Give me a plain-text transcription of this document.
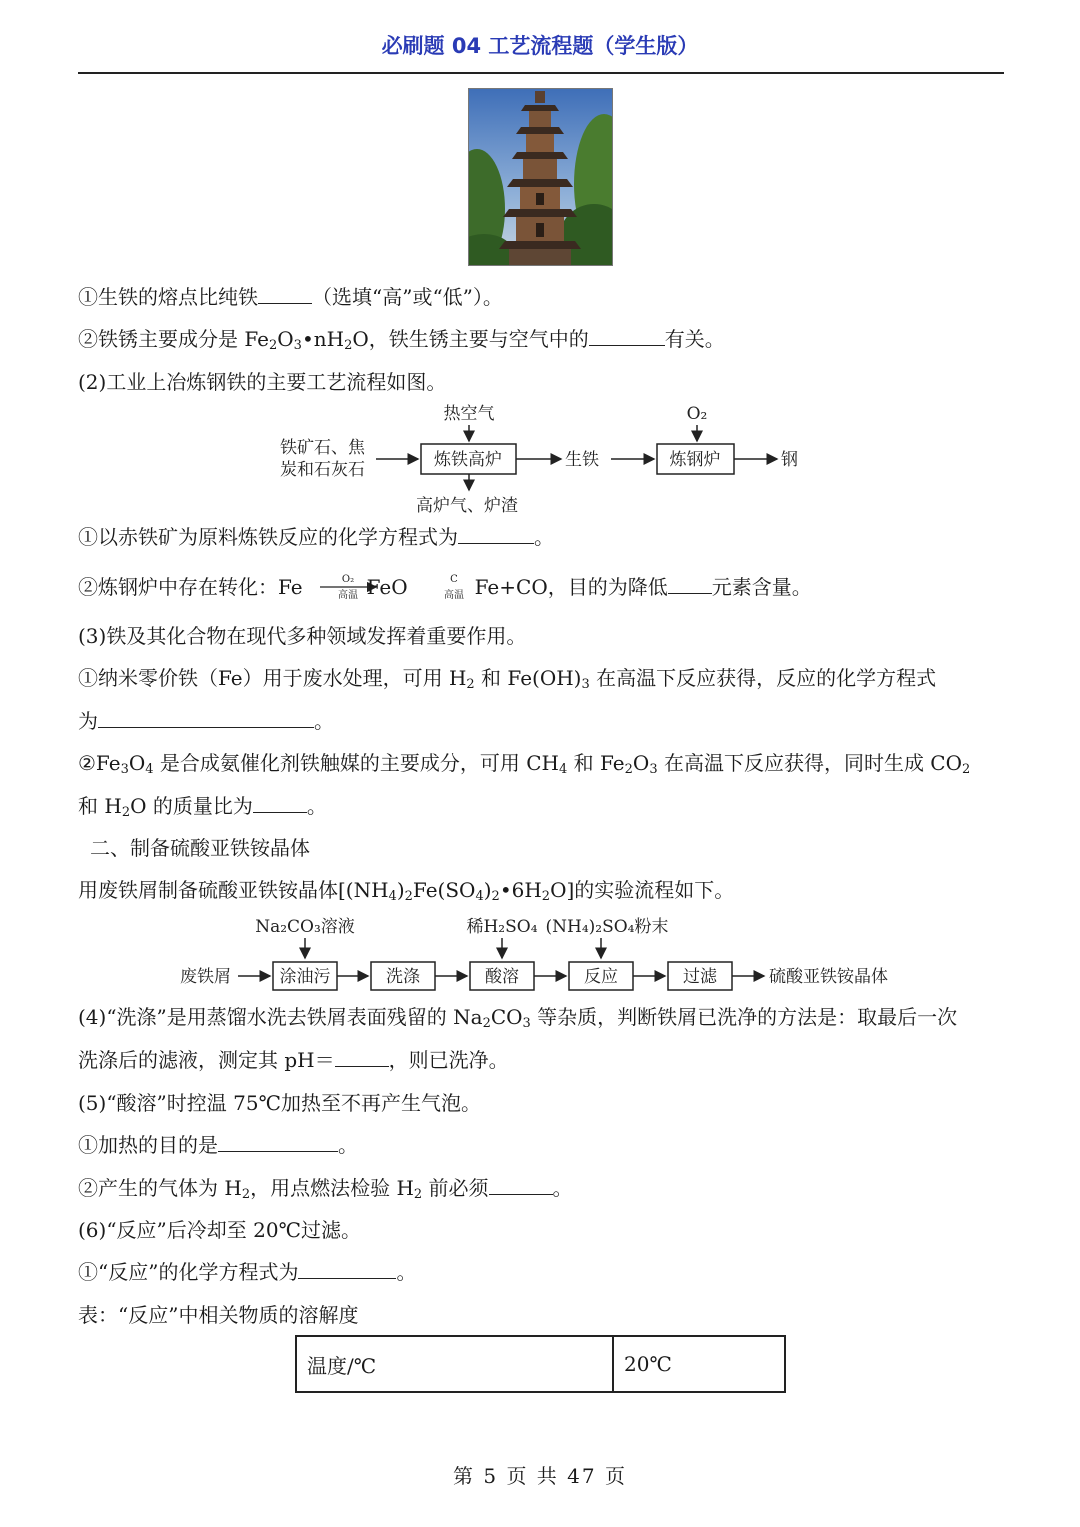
必刷题 04 工艺流程题（学生版）
①生铁的熔点比纯铁	（选填“高”或“低”）。
②铁锈主要成分是 $Fe_2O_3•nH_2O$，铁生锈主要与空气中的	有关。
(2)工业上冶炼钢铁的主要工艺流程如图。
热空气	O₂
铁矿石、焦
炭和石灰石	炼铁高炉	生铁	炼钢炉	钢
高炉气、炉渣
O₂
高温
C
高温
Na₂CO₃溶液	稀H₂SO₄ (NH₄)₂SO₄粉末
废铁屑	涂油污	洗涤	酸溶	反应	过滤	硫酸亚铁铵晶体
①以赤铁矿为原料炼铁反应的化学方程式为	。
②炼钢炉中存在转化：Fe	FeO	Fe+CO，目的为降低 元素含量。
(3)铁及其化合物在现代多种领域发挥着重要作用。
①纳米零价铁（Fe）用于废水处理，可用 $H_2$ 和 $Fe(OH)_3$ 在高温下反应获得，反应的化学方程式
为	。
$②Fe_3O_4$ 是合成氨催化剂铁触媒的主要成分，可用 $CH_4$ 和 $Fe_2O_3$ 在高温下反应获得，同时生成 $CO_2$
和 $H_2O$ 的质量比为	。
二、制备硫酸亚铁铵晶体
用废铁屑制备硫酸亚铁铵晶体$[(NH_4)_2Fe(SO_4)_2•6H_2O]$的实验流程如下。
(4)“洗涤”是用蒸馏水洗去铁屑表面残留的 $Na_2CO_3$ 等杂质，判断铁屑已洗净的方法是：取最后一次
洗涤后的滤液，测定其 pH＝	，则已洗净。
(5)“酸溶”时控温 75℃加热至不再产生气泡。
①加热的目的是	。
②产生的气体为 $H_2$，用点燃法检验 $H_2$ 前必须	。
(6)“反应”后冷却至 20℃过滤。
①“反应”的化学方程式为	。
表：“反应”中相关物质的溶解度
温度/℃	20℃
第 5 页 共 47 页
